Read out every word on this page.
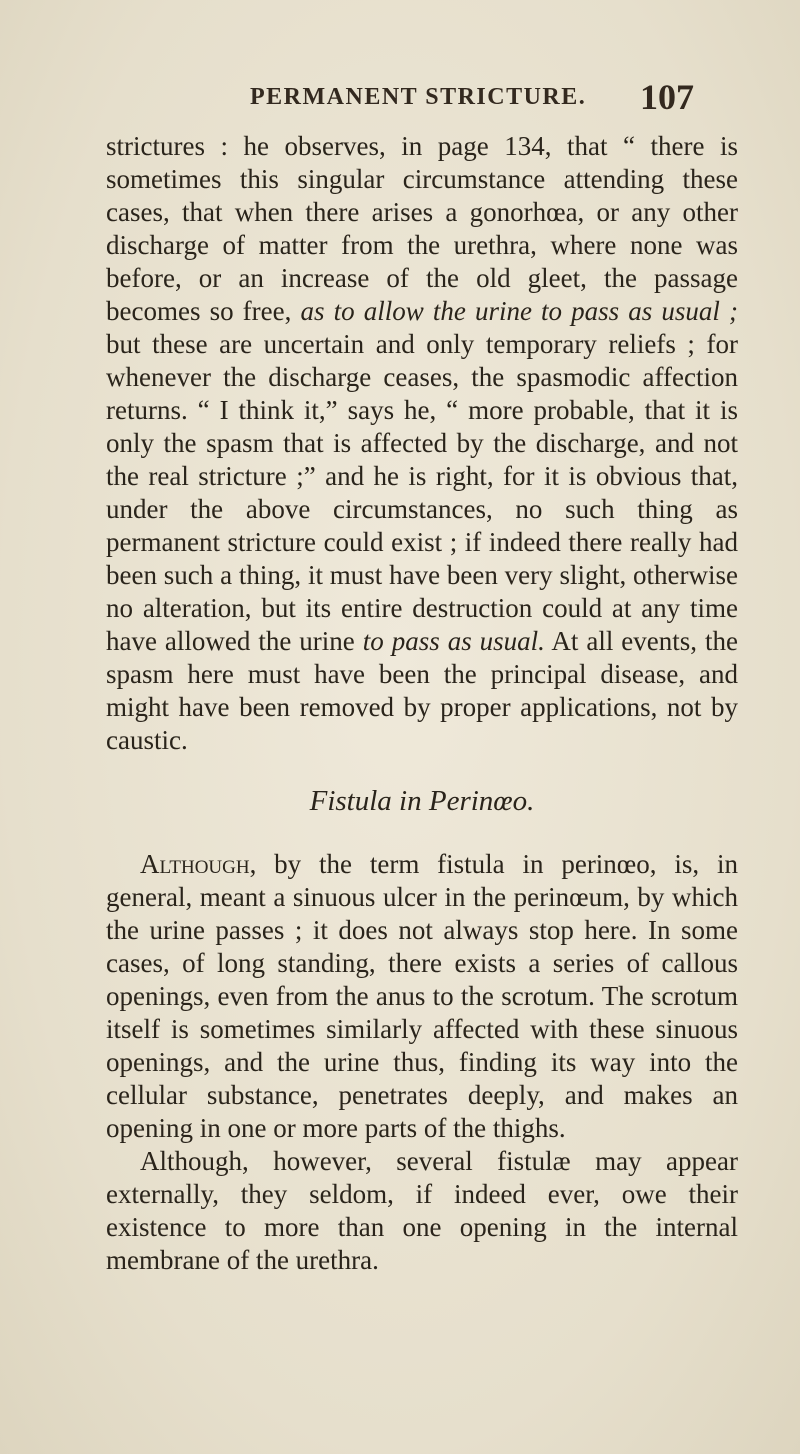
PERMANENT STRICTURE. 107

strictures : he observes, in page 134, that “ there is sometimes this singular circumstance attending these cases, that when there arises a gonorhœa, or any other discharge of matter from the urethra, where none was before, or an increase of the old gleet, the passage becomes so free, as to allow the urine to pass as usual ; but these are uncertain and only temporary reliefs ; for whenever the discharge ceases, the spasmodic affection returns. “ I think it,” says he, “ more probable, that it is only the spasm that is affected by the discharge, and not the real stricture ;” and he is right, for it is obvious that, under the above circumstances, no such thing as permanent stricture could exist ; if indeed there really had been such a thing, it must have been very slight, otherwise no alteration, but its entire destruction could at any time have allowed the urine to pass as usual. At all events, the spasm here must have been the principal disease, and might have been removed by proper applications, not by caustic.

Fistula in Perinœo.

Although, by the term fistula in perinœo, is, in general, meant a sinuous ulcer in the perinœum, by which the urine passes ; it does not always stop here. In some cases, of long standing, there exists a series of callous openings, even from the anus to the scrotum. The scrotum itself is sometimes similarly affected with these sinuous openings, and the urine thus, finding its way into the cellular substance, penetrates deeply, and makes an opening in one or more parts of the thighs.

Although, however, several fistulæ may appear externally, they seldom, if indeed ever, owe their existence to more than one opening in the internal membrane of the urethra.
